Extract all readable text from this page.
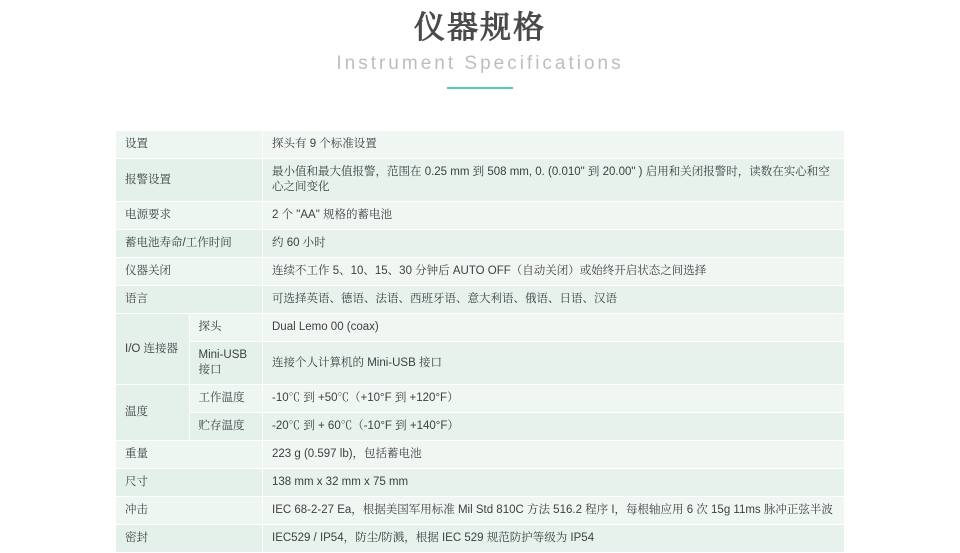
仪器规格
Instrument Specifications
设置		探头有 9 个标准设置
报警设置		最小值和最大值报警，范围在 0.25 mm 到 508 mm, 0. (0.010" 到 20.00" ) 启用和关闭报警时，读数在实心和空心之间变化
电源要求		2 个 "AA" 规格的蓄电池
蓄电池寿命/工作时间		约 60 小时
仪器关闭		连续不工作 5、10、15、30 分钟后 AUTO OFF（自动关闭）或始终开启状态之间选择
语言		可选择英语、德语、法语、西班牙语、意大利语、俄语、日语、汉语
I/O 连接器	探头	Dual Lemo 00 (coax)
	Mini-USB 接口	连接个人计算机的 Mini-USB 接口
温度	工作温度	-10℃ 到 +50℃（+10°F 到 +120°F）
	贮存温度	-20℃ 到 + 60℃（-10°F 到 +140°F）
重量		223 g (0.597 lb)，包括蓄电池
尺寸		138 mm x 32 mm x 75 mm
冲击		IEC 68-2-27 Ea，根据美国军用标准 Mil Std 810C 方法 516.2 程序 I，每根轴应用 6 次 15g 11ms 脉冲正弦半波
密封		IEC529 / IP54，防尘/防溅，根据 IEC 529 规范防护等级为 IP54
